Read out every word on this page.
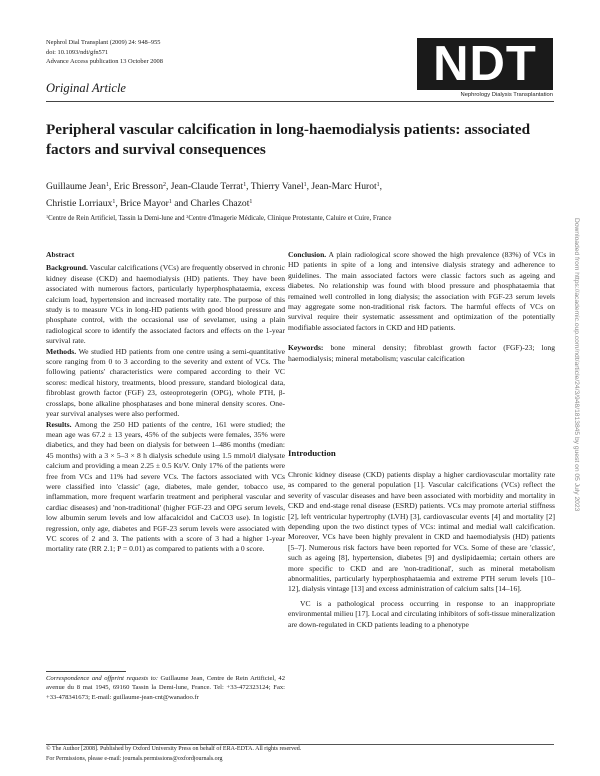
Nephrol Dial Transplant (2009) 24: 948–955
doi: 10.1093/ndt/gfn571
Advance Access publication 13 October 2008
Original Article	NDT
Nephrology Dialysis Transplantation
Peripheral vascular calcification in long-haemodialysis patients: associated factors and survival consequences
Guillaume Jean$^1$, Eric Bresson$^2$, Jean-Claude Terrat$^1$, Thierry Vanel$^1$, Jean-Marc Hurot$^1$,
Christie Lorriaux$^1$, Brice Mayor$^1$ and Charles Chazot$^1$
$^1$Centre de Rein Artificiel, Tassin la Demi-lune and $^2$Centre d'Imagerie Médicale, Clinique Protestante, Caluire et Cuire, France

Abstract

Background. Vascular calcifications (VCs) are frequently observed in chronic kidney disease (CKD) and haemodialysis (HD) patients. They have been associated with numerous factors, particularly hyperphosphataemia, excess calcium load, hypertension and increased mortality rate. The purpose of this study is to measure VCs in long-HD patients with good blood pressure and phosphate control, with the occasional use of sevelamer, using a plain radiological score to identify the associated factors and effects on the 1-year survival rate.

Methods. We studied HD patients from one centre using a semi-quantitative score ranging from 0 to 3 according to the severity and extent of VCs. The following patients' characteristics were compared according to their VC scores: medical history, treatments, blood pressure, standard biological data, fibroblast growth factor (FGF) 23, osteoprotegerin (OPG), whole PTH, β-crosslaps, bone alkaline phosphatases and bone mineral density scores. One-year survival analyses were also performed.

Results. Among the 250 HD patients of the centre, 161 were studied; the mean age was 67.2 ± 13 years, 45% of the subjects were females, 35% were diabetics, and they had been on dialysis for between 1–486 months (median: 45 months) with a 3 × 5–3 × 8 h dialysis schedule using 1.5 mmol/l dialysate calcium and providing a mean 2.25 ± 0.5 Kt/V. Only 17% of the patients were free from VCs and 11% had severe VCs. The factors associated with VCs were classified into 'classic' (age, diabetes, male gender, tobacco use, inflammation, more frequent warfarin treatment and peripheral vascular and cardiac diseases) and 'non-traditional' (higher FGF-23 and OPG serum levels, low albumin serum levels and low alfacalcidol and CaCO3 use). In logistic regression, only age, diabetes and FGF-23 serum levels were associated with VC scores of 2 and 3. The patients with a score of 3 had a higher 1-year mortality rate (RR 2.1; P = 0.01) as compared to patients with a 0 score.

Correspondence and offprint requests to: Guillaume Jean, Centre de Rein Artificiel, 42 avenue du 8 mai 1945, 69160 Tassin la Demi-lune, France. Tel: +33-472323124; Fax: +33-478341673; E-mail: guillaume-jean-cnt@wanadoo.fr

Conclusion. A plain radiological score showed the high prevalence (83%) of VCs in HD patients in spite of a long and intensive dialysis strategy and adherence to guidelines. The main associated factors were classic factors such as ageing and diabetes. No relationship was found with blood pressure and phosphataemia that remained well controlled in long dialysis; the association with FGF-23 serum levels may aggregate some non-traditional risk factors. The harmful effects of VCs on survival require their systematic assessment and optimization of the potentially modifiable associated factors in CKD and HD patients.

Keywords: bone mineral density; fibroblast growth factor (FGF)-23; long haemodialysis; mineral metabolism; vascular calcification

Introduction

Chronic kidney disease (CKD) patients display a higher cardiovascular mortality rate as compared to the general population [1]. Vascular calcifications (VCs) reflect the severity of vascular diseases and have been associated with morbidity and mortality in CKD and end-stage renal disease (ESRD) patients. VCs may promote arterial stiffness [2], left ventricular hypertrophy (LVH) [3], cardiovascular events [4] and mortality [2] depending upon the two distinct types of VCs: intimal and medial wall calcification. Moreover, VCs have been highly prevalent in CKD and haemodialysis (HD) patients [5–7]. Numerous risk factors have been reported for VCs. Some of these are 'classic', such as ageing [8], hypertension, diabetes [9] and dyslipidaemia; certain others are more specific to CKD and are 'non-traditional', such as mineral metabolism abnormalities, particularly hyperphosphataemia and extreme PTH serum levels [10–12], dialysis vintage [13] and excess administration of calcium salts [14–16].

VC is a pathological process occurring in response to an inappropriate environmental milieu [17]. Local and circulating inhibitors of soft-tissue mineralization are down-regulated in CKD patients leading to a phenotype

© The Author [2008]. Published by Oxford University Press on behalf of ERA-EDTA. All rights reserved.
For Permissions, please e-mail: journals.permissions@oxfordjournals.org
Downloaded from https://academic.oup.com/ndt/article/24/3/948/1813845 by guest on 05 July 2023
